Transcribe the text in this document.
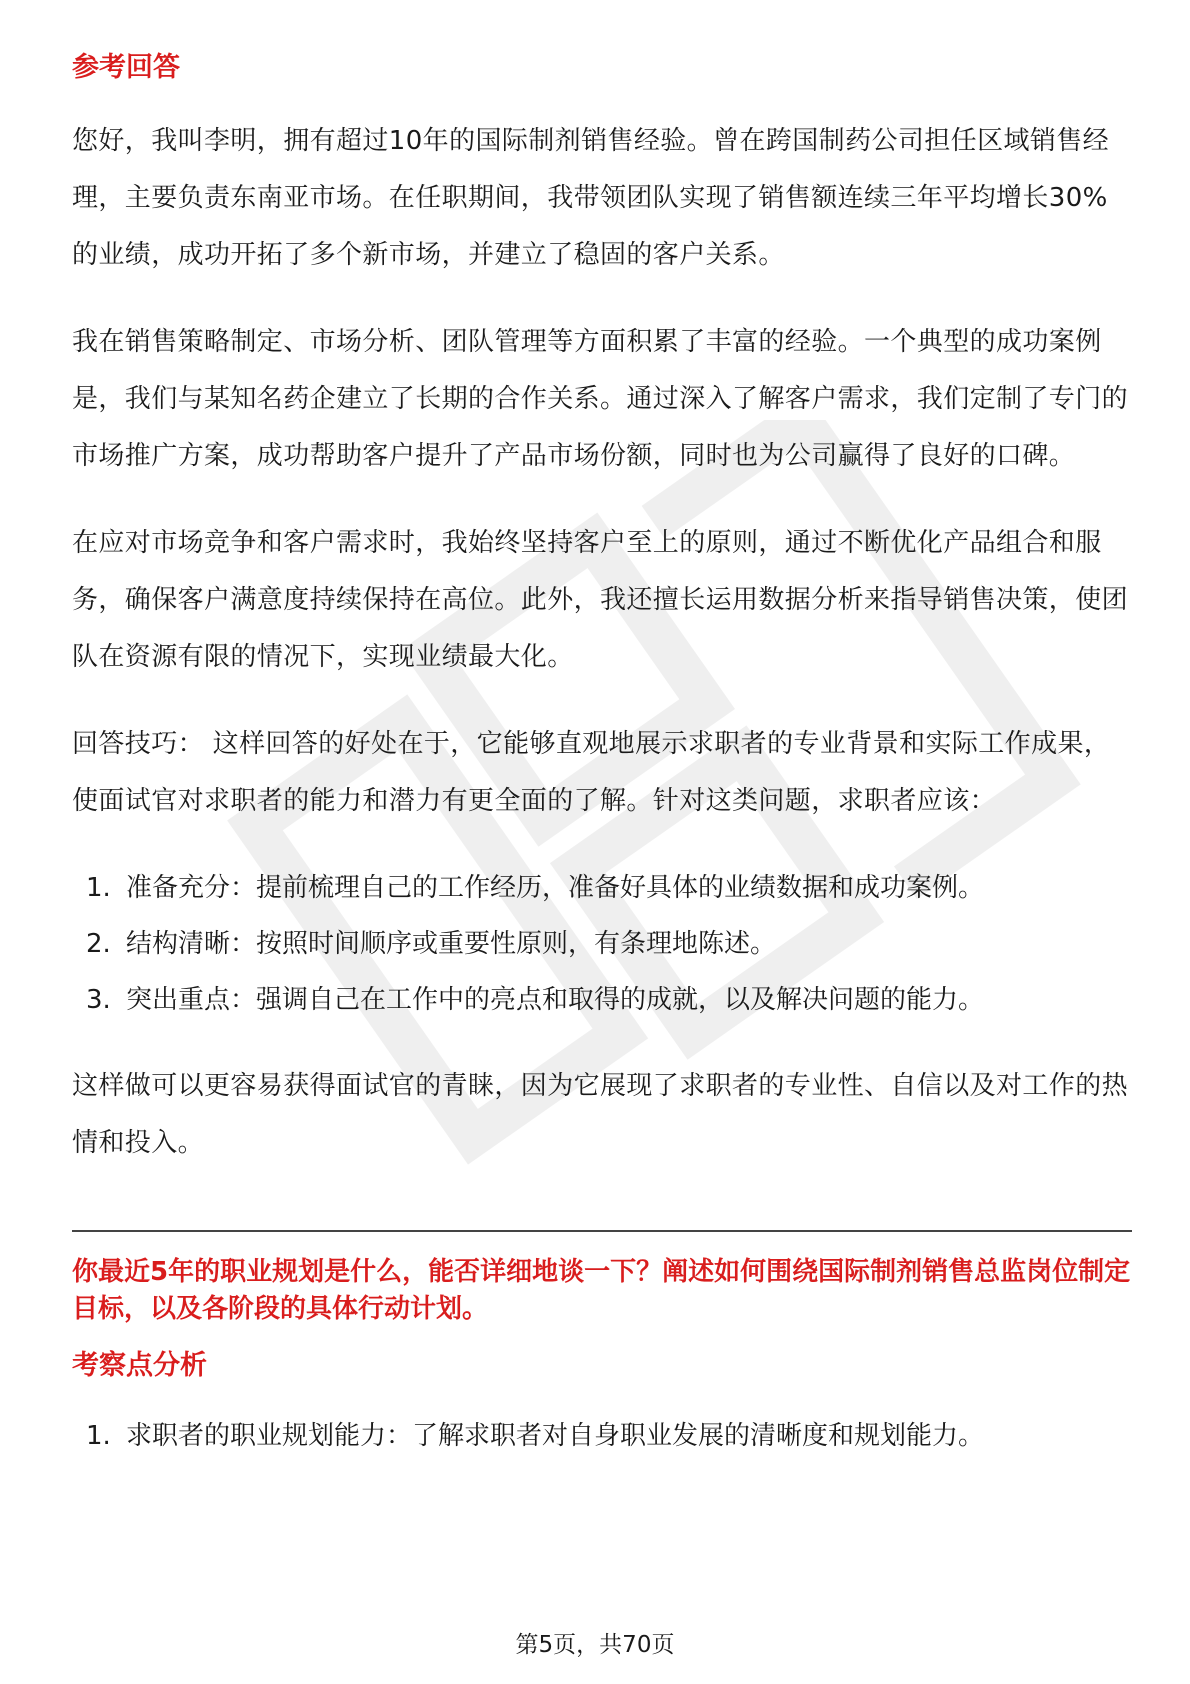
参考回答

您好，我叫李明，拥有超过10年的国际制剂销售经验。曾在跨国制药公司担任区域销售经理，主要负责东南亚市场。在任职期间，我带领团队实现了销售额连续三年平均增长30%的业绩，成功开拓了多个新市场，并建立了稳固的客户关系。

我在销售策略制定、市场分析、团队管理等方面积累了丰富的经验。一个典型的成功案例是，我们与某知名药企建立了长期的合作关系。通过深入了解客户需求，我们定制了专门的市场推广方案，成功帮助客户提升了产品市场份额，同时也为公司赢得了良好的口碑。

在应对市场竞争和客户需求时，我始终坚持客户至上的原则，通过不断优化产品组合和服务，确保客户满意度持续保持在高位。此外，我还擅长运用数据分析来指导销售决策，使团队在资源有限的情况下，实现业绩最大化。

回答技巧： 这样回答的好处在于，它能够直观地展示求职者的专业背景和实际工作成果，使面试官对求职者的能力和潜力有更全面的了解。针对这类问题，求职者应该：

1. 准备充分：提前梳理自己的工作经历，准备好具体的业绩数据和成功案例。
2. 结构清晰：按照时间顺序或重要性原则，有条理地陈述。
3. 突出重点：强调自己在工作中的亮点和取得的成就，以及解决问题的能力。

这样做可以更容易获得面试官的青睐，因为它展现了求职者的专业性、自信以及对工作的热情和投入。

你最近5年的职业规划是什么，能否详细地谈一下？阐述如何围绕国际制剂销售总监岗位制定目标，以及各阶段的具体行动计划。
考察点分析
1. 求职者的职业规划能力：了解求职者对自身职业发展的清晰度和规划能力。
第5页，共70页
